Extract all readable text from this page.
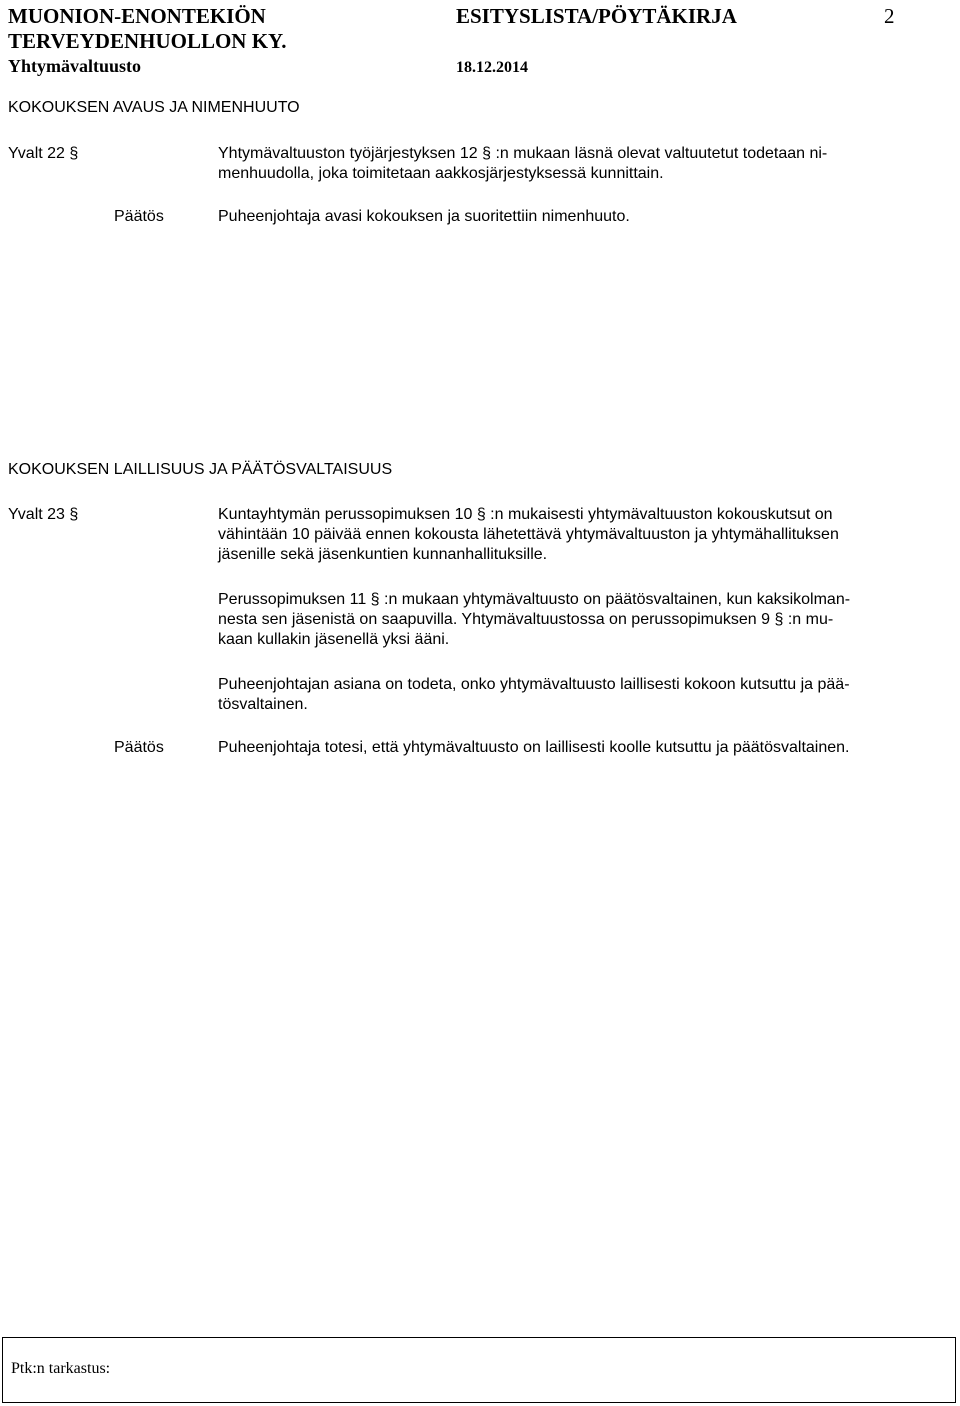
MUONION-ENONTEKIÖN
TERVEYDENHUOLLON KY.
Yhtymävaltuusto
ESITYSLISTA/PÖYTÄKIRJA	2
18.12.2014
KOKOUKSEN AVAUS JA NIMENHUUTO
Yvalt 22 §	Yhtymävaltuuston työjärjestyksen 12 § :n mukaan läsnä olevat valtuutetut todetaan ni-
menhuudolla, joka toimitetaan aakkosjärjestyksessä kunnittain.
Päätös	Puheenjohtaja avasi kokouksen ja suoritettiin nimenhuuto.
KOKOUKSEN LAILLISUUS JA PÄÄTÖSVALTAISUUS
Yvalt 23 §	Kuntayhtymän perussopimuksen 10 § :n mukaisesti yhtymävaltuuston kokouskutsut on
vähintään 10 päivää ennen kokousta lähetettävä yhtymävaltuuston ja yhtymähallituksen
jäsenille sekä jäsenkuntien kunnanhallituksille.
Perussopimuksen 11 § :n mukaan yhtymävaltuusto on päätösvaltainen, kun kaksikolman-
nesta sen jäsenistä on saapuvilla. Yhtymävaltuustossa on perussopimuksen 9 § :n mu-
kaan kullakin jäsenellä yksi ääni.
Puheenjohtajan asiana on todeta, onko yhtymävaltuusto laillisesti kokoon kutsuttu ja pää-
tösvaltainen.
Päätös	Puheenjohtaja totesi, että yhtymävaltuusto on laillisesti koolle kutsuttu ja päätösvaltainen.
Ptk:n tarkastus:
